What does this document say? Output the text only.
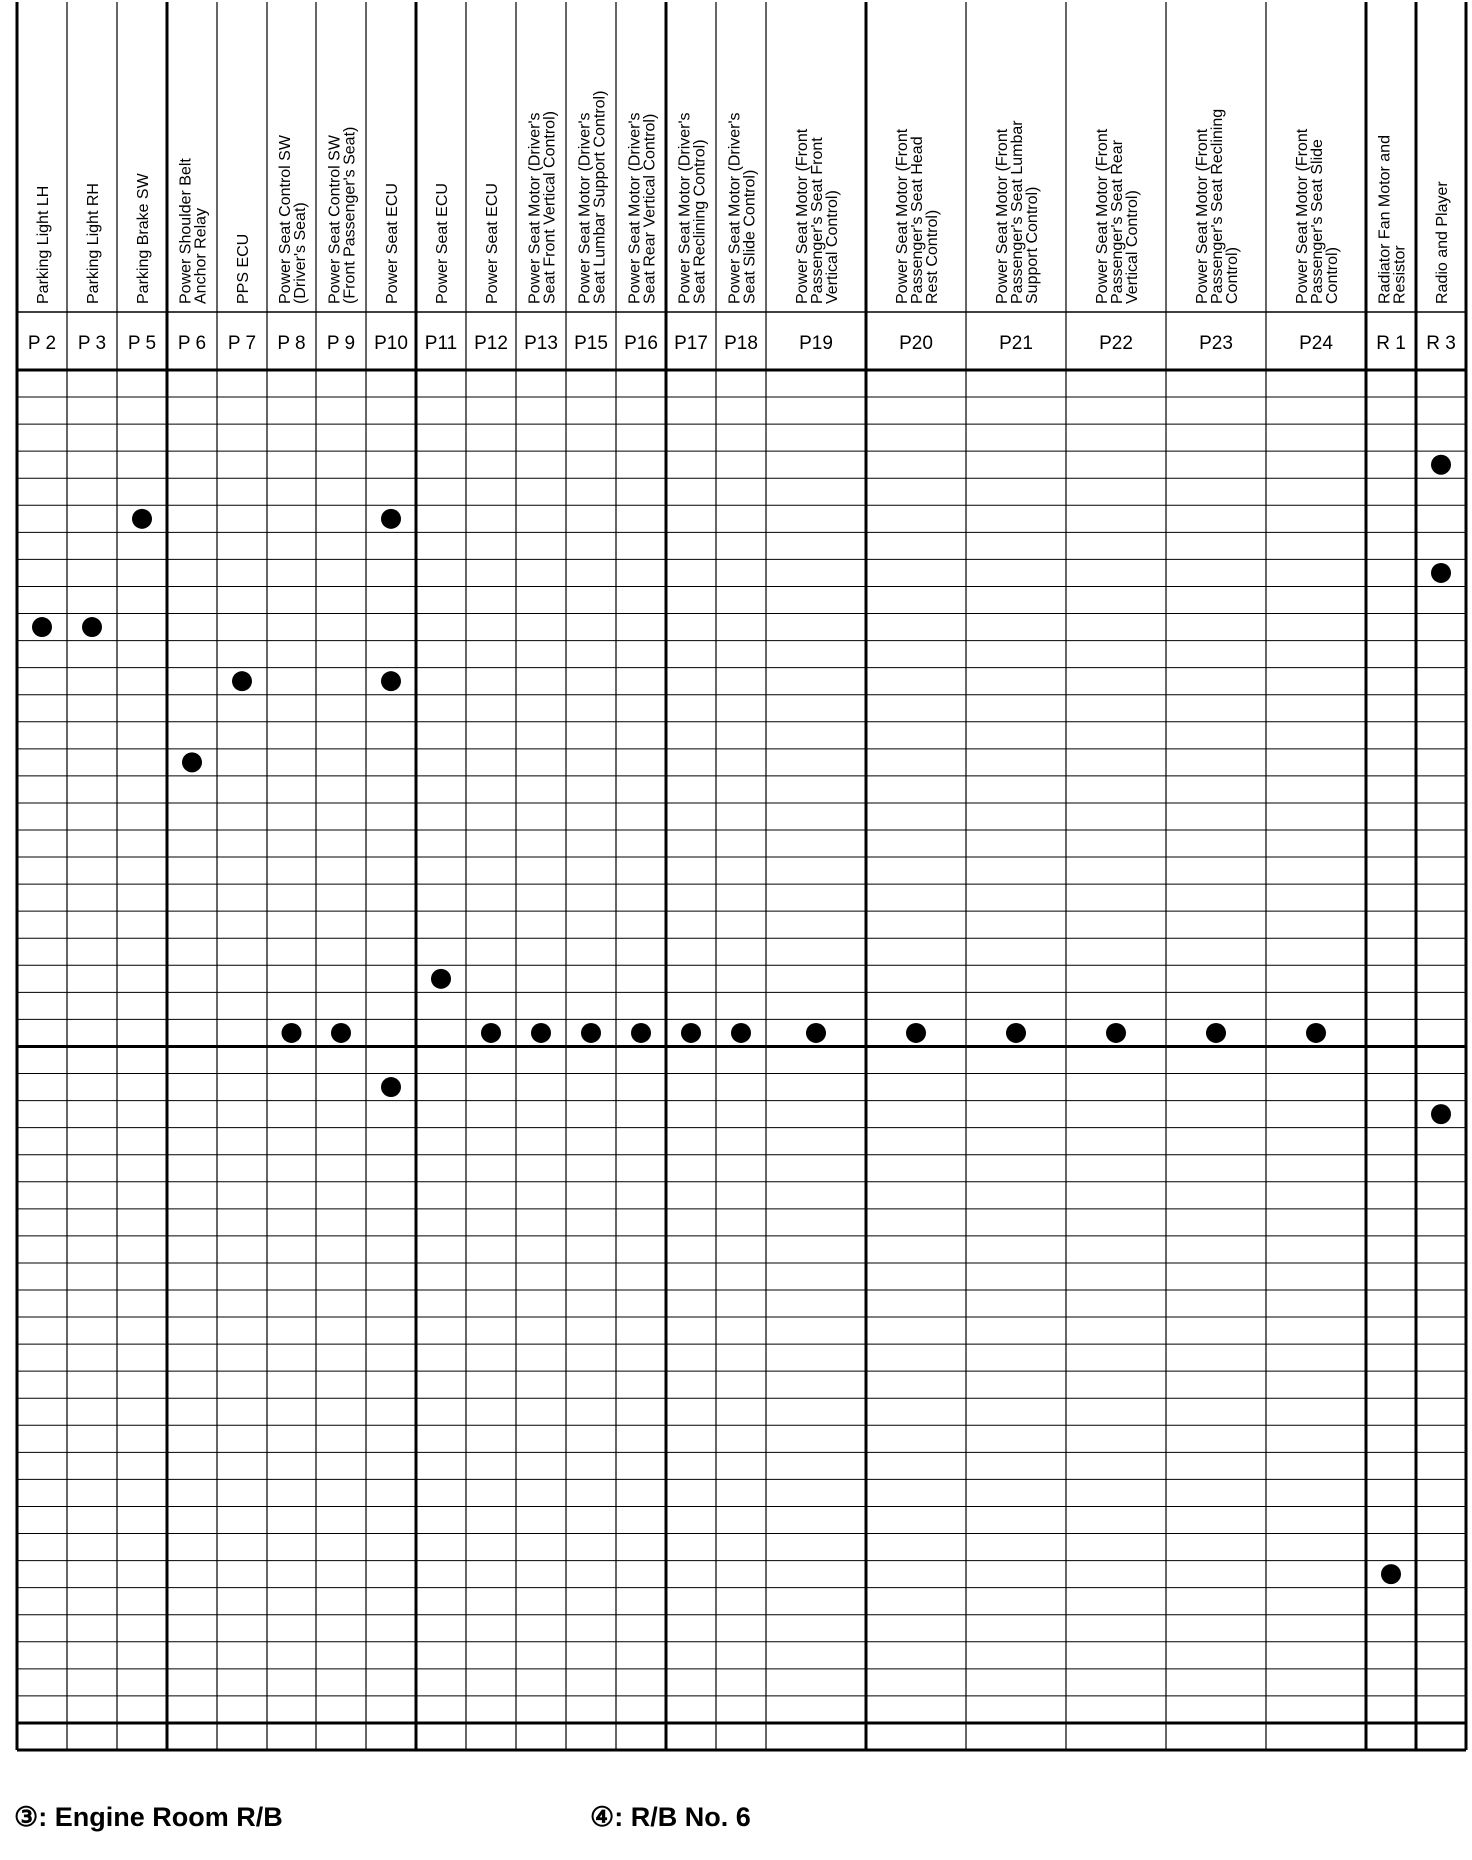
Parking Light LH
P 2
Parking Light RH
P 3
Parking Brake SW
P 5
Power Shoulder Belt
Anchor Relay
P 6
PPS ECU
P 7
Power Seat Control SW
(Driver's Seat)
P 8
Power Seat Control SW
(Front Passenger's Seat)
P 9
Power Seat ECU
P10
Power Seat ECU
P11
Power Seat ECU
P12
Power Seat Motor (Driver's
Seat Front Vertical Control)
P13
Power Seat Motor (Driver's
Seat Lumbar Support Control)
P15
Power Seat Motor (Driver's
Seat Rear Vertical Control)
P16
Power Seat Motor (Driver's
Seat Reclining Control)
P17
Power Seat Motor (Driver's
Seat Slide Control)
P18
Power Seat Motor (Front
Passenger's Seat Front
Vertical Control)
P19
Power Seat Motor (Front
Passenger's Seat Head
Rest Control)
P20
Power Seat Motor (Front
Passenger's Seat Lumbar
Support Control)
P21
Power Seat Motor (Front
Passenger's Seat Rear
Vertical Control)
P22
Power Seat Motor (Front
Passenger's Seat Reclining
Control)
P23
Power Seat Motor (Front
Passenger's Seat Slide
Control)
P24
Radiator Fan Motor and
Resistor
R 1
Radio and Player
R 3
③: Engine Room R/B	④: R/B No. 6
